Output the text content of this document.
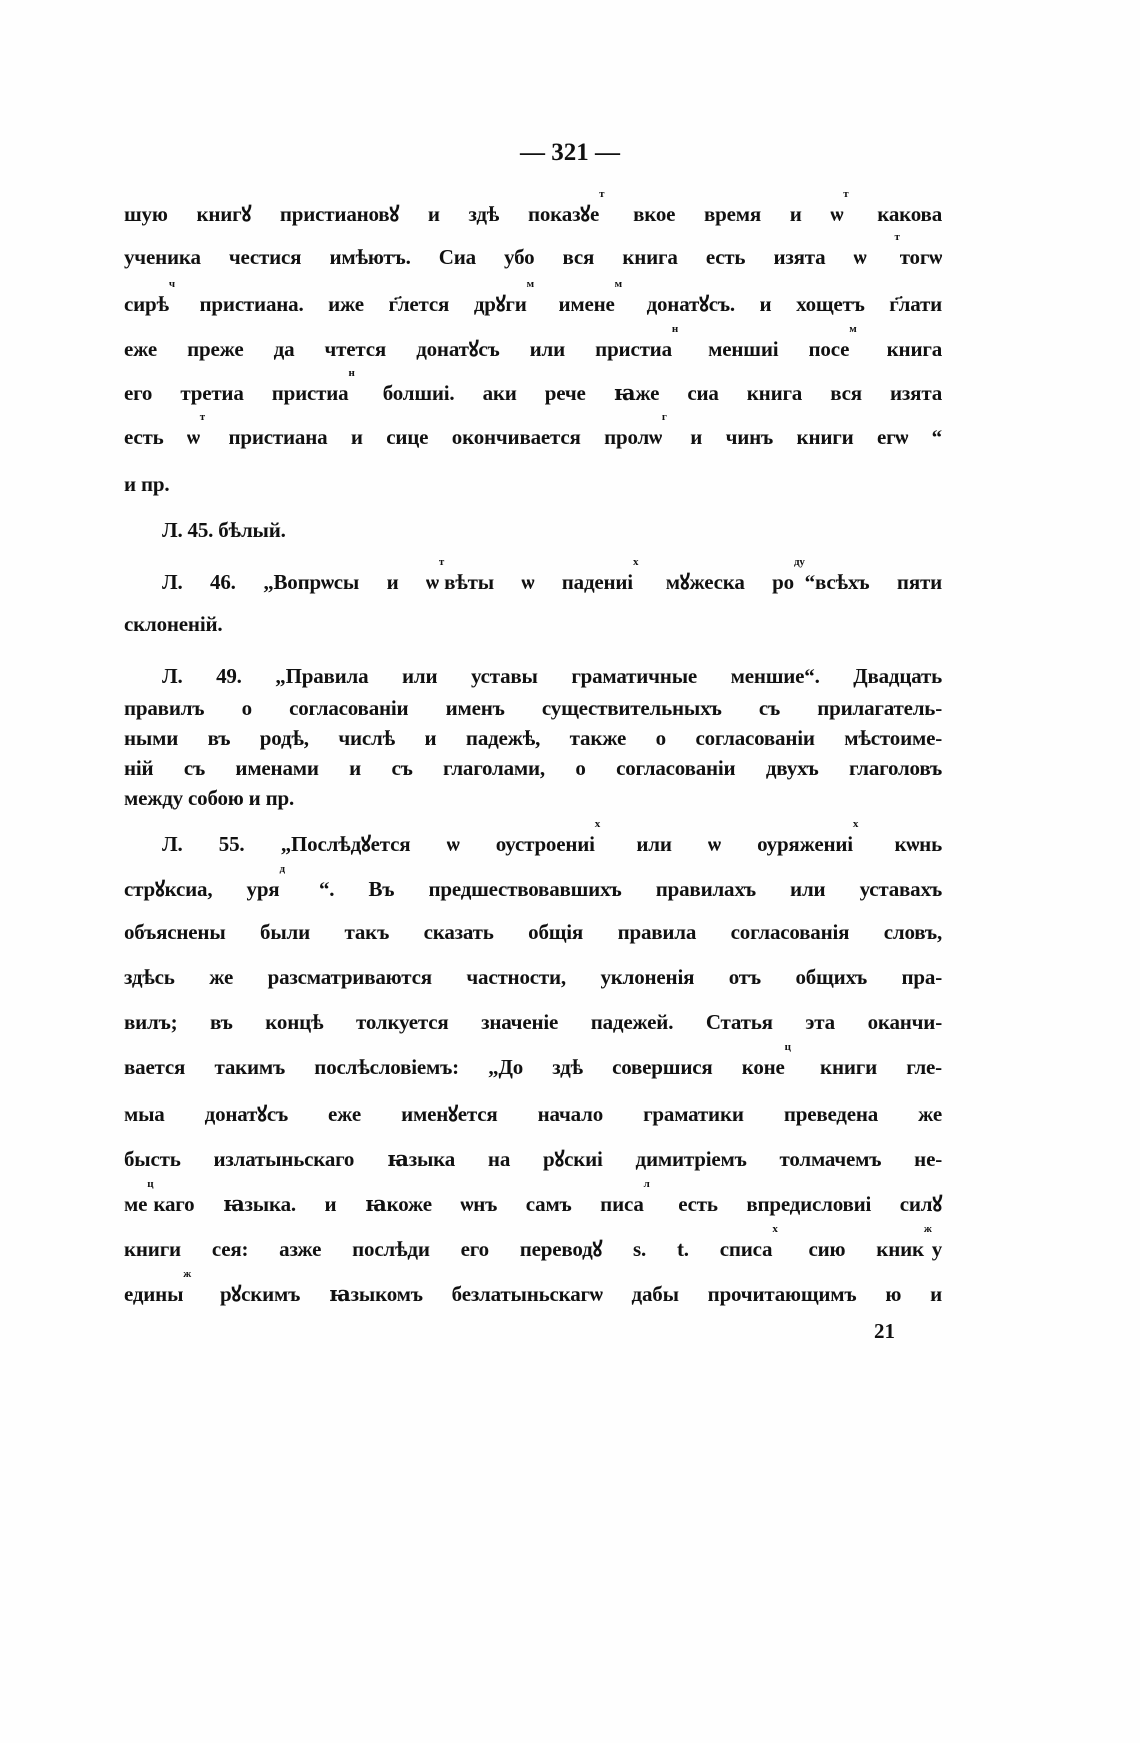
— 321 —
шую книгꙋ пристиановꙋ и здѣ показꙋет вкое время и ѡт какова
ученика честися имѣютъ. Сиа убо вся книга есть изята ѡ ттогѡ
сирѣч пристиана. иже г҃лется дрꙋгим именем донатꙋсъ. и хощетъ г҃лати
еже преже да чтется донатꙋсъ или пристиан меншиі посем книга
его третиа пристиан болшиі. аки рече ꙗже сиа книга вся изята
есть ѡт пристиана и сице окончивается пролѡг и чинъ книги егѡ “
и пр.
Л. 45. бѣлый.
Л. 46. „Вопрѡсы и ѡтвѣты ѡ падениіх мꙋжеска роду“всѣхъ пяти
склоненій.
Л. 49. „Правила или уставы граматичные меншие“. Двадцать
правилъ о согласованіи именъ существительныхъ съ прилагатель-
ными въ родѣ, числѣ и падежѣ, также о согласованіи мѣстоиме-
ній съ именами и съ глаголами, о согласованіи двухъ глаголовъ
между собою и пр.
Л. 55. „Послѣдꙋется ѡ оустроениіх или ѡ оуряжениіх кѡнь
стрꙋксиа, уряд “. Въ предшествовавшихъ правилахъ или уставахъ
объяснены были такъ сказать общія правила согласованія словъ,
здѣсь же разсматриваются частности, уклоненія отъ общихъ пра-
вилъ; въ концѣ толкуется значеніе падежей. Статья эта оканчи-
вается такимъ послѣсловіемъ: „До здѣ совершися конец книги гле-
мыа донатꙋсъ еже именꙋется начало граматики преведена же
бысть излатыньскаго ꙗзыка на рꙋскиі димитріемъ толмачемъ не-
мецкаго ꙗзыка. и ꙗкоже ѡнъ самъ писал есть впредисловиі силꙋ
книги сея: азже послѣди его переводꙋ s. t. списах сию кникжу
единыж рꙋскимъ ꙗзыкомъ безлатыньскагѡ дабы прочитающимъ ю и
21
